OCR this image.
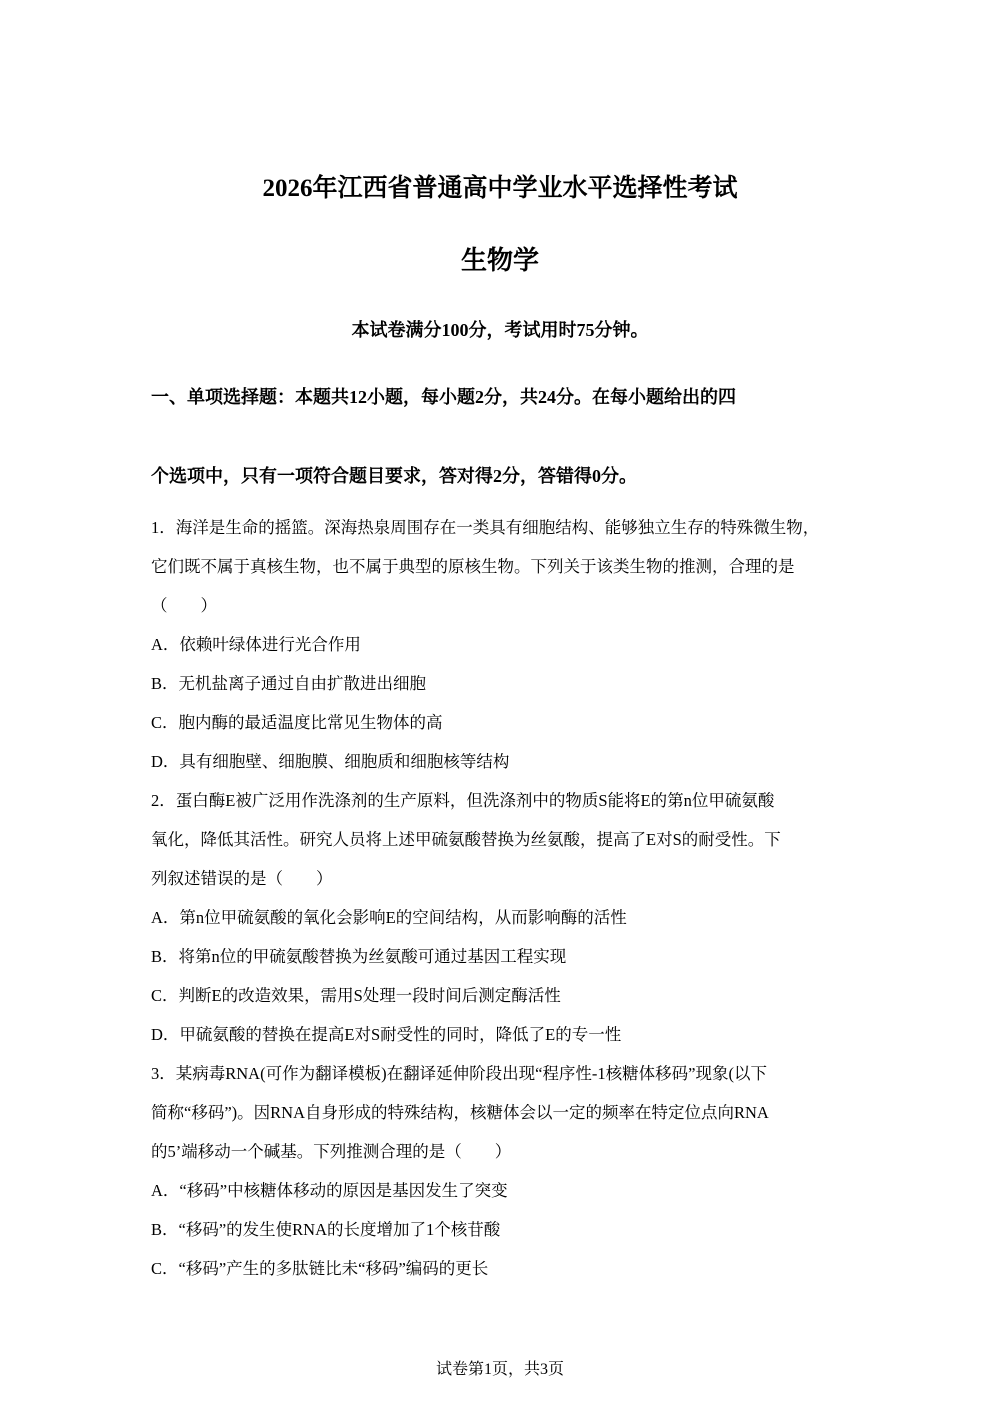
2026年江西省普通高中学业水平选择性考试
生物学
本试卷满分100分，考试用时75分钟。
一、单项选择题：本题共12小题，每小题2分，共24分。在每小题给出的四
个选项中，只有一项符合题目要求，答对得2分，答错得0分。
1．海洋是生命的摇篮。深海热泉周围存在一类具有细胞结构、能够独立生存的特殊微生物，
它们既不属于真核生物，也不属于典型的原核生物。下列关于该类生物的推测，合理的是
（　　）
A．依赖叶绿体进行光合作用
B．无机盐离子通过自由扩散进出细胞
C．胞内酶的最适温度比常见生物体的高
D．具有细胞壁、细胞膜、细胞质和细胞核等结构
2．蛋白酶E被广泛用作洗涤剂的生产原料，但洗涤剂中的物质S能将E的第n位甲硫氨酸
氧化，降低其活性。研究人员将上述甲硫氨酸替换为丝氨酸，提高了E对S的耐受性。下
列叙述错误的是（　　）
A．第n位甲硫氨酸的氧化会影响E的空间结构，从而影响酶的活性
B．将第n位的甲硫氨酸替换为丝氨酸可通过基因工程实现
C．判断E的改造效果，需用S处理一段时间后测定酶活性
D．甲硫氨酸的替换在提高E对S耐受性的同时，降低了E的专一性
3．某病毒RNA(可作为翻译模板)在翻译延伸阶段出现“程序性-1核糖体移码”现象(以下
简称“移码”)。因RNA自身形成的特殊结构，核糖体会以一定的频率在特定位点向RNA
的5’端移动一个碱基。下列推测合理的是（　　）
A．“移码”中核糖体移动的原因是基因发生了突变
B．“移码”的发生使RNA的长度增加了1个核苷酸
C．“移码”产生的多肽链比未“移码”编码的更长
试卷第1页，共3页
